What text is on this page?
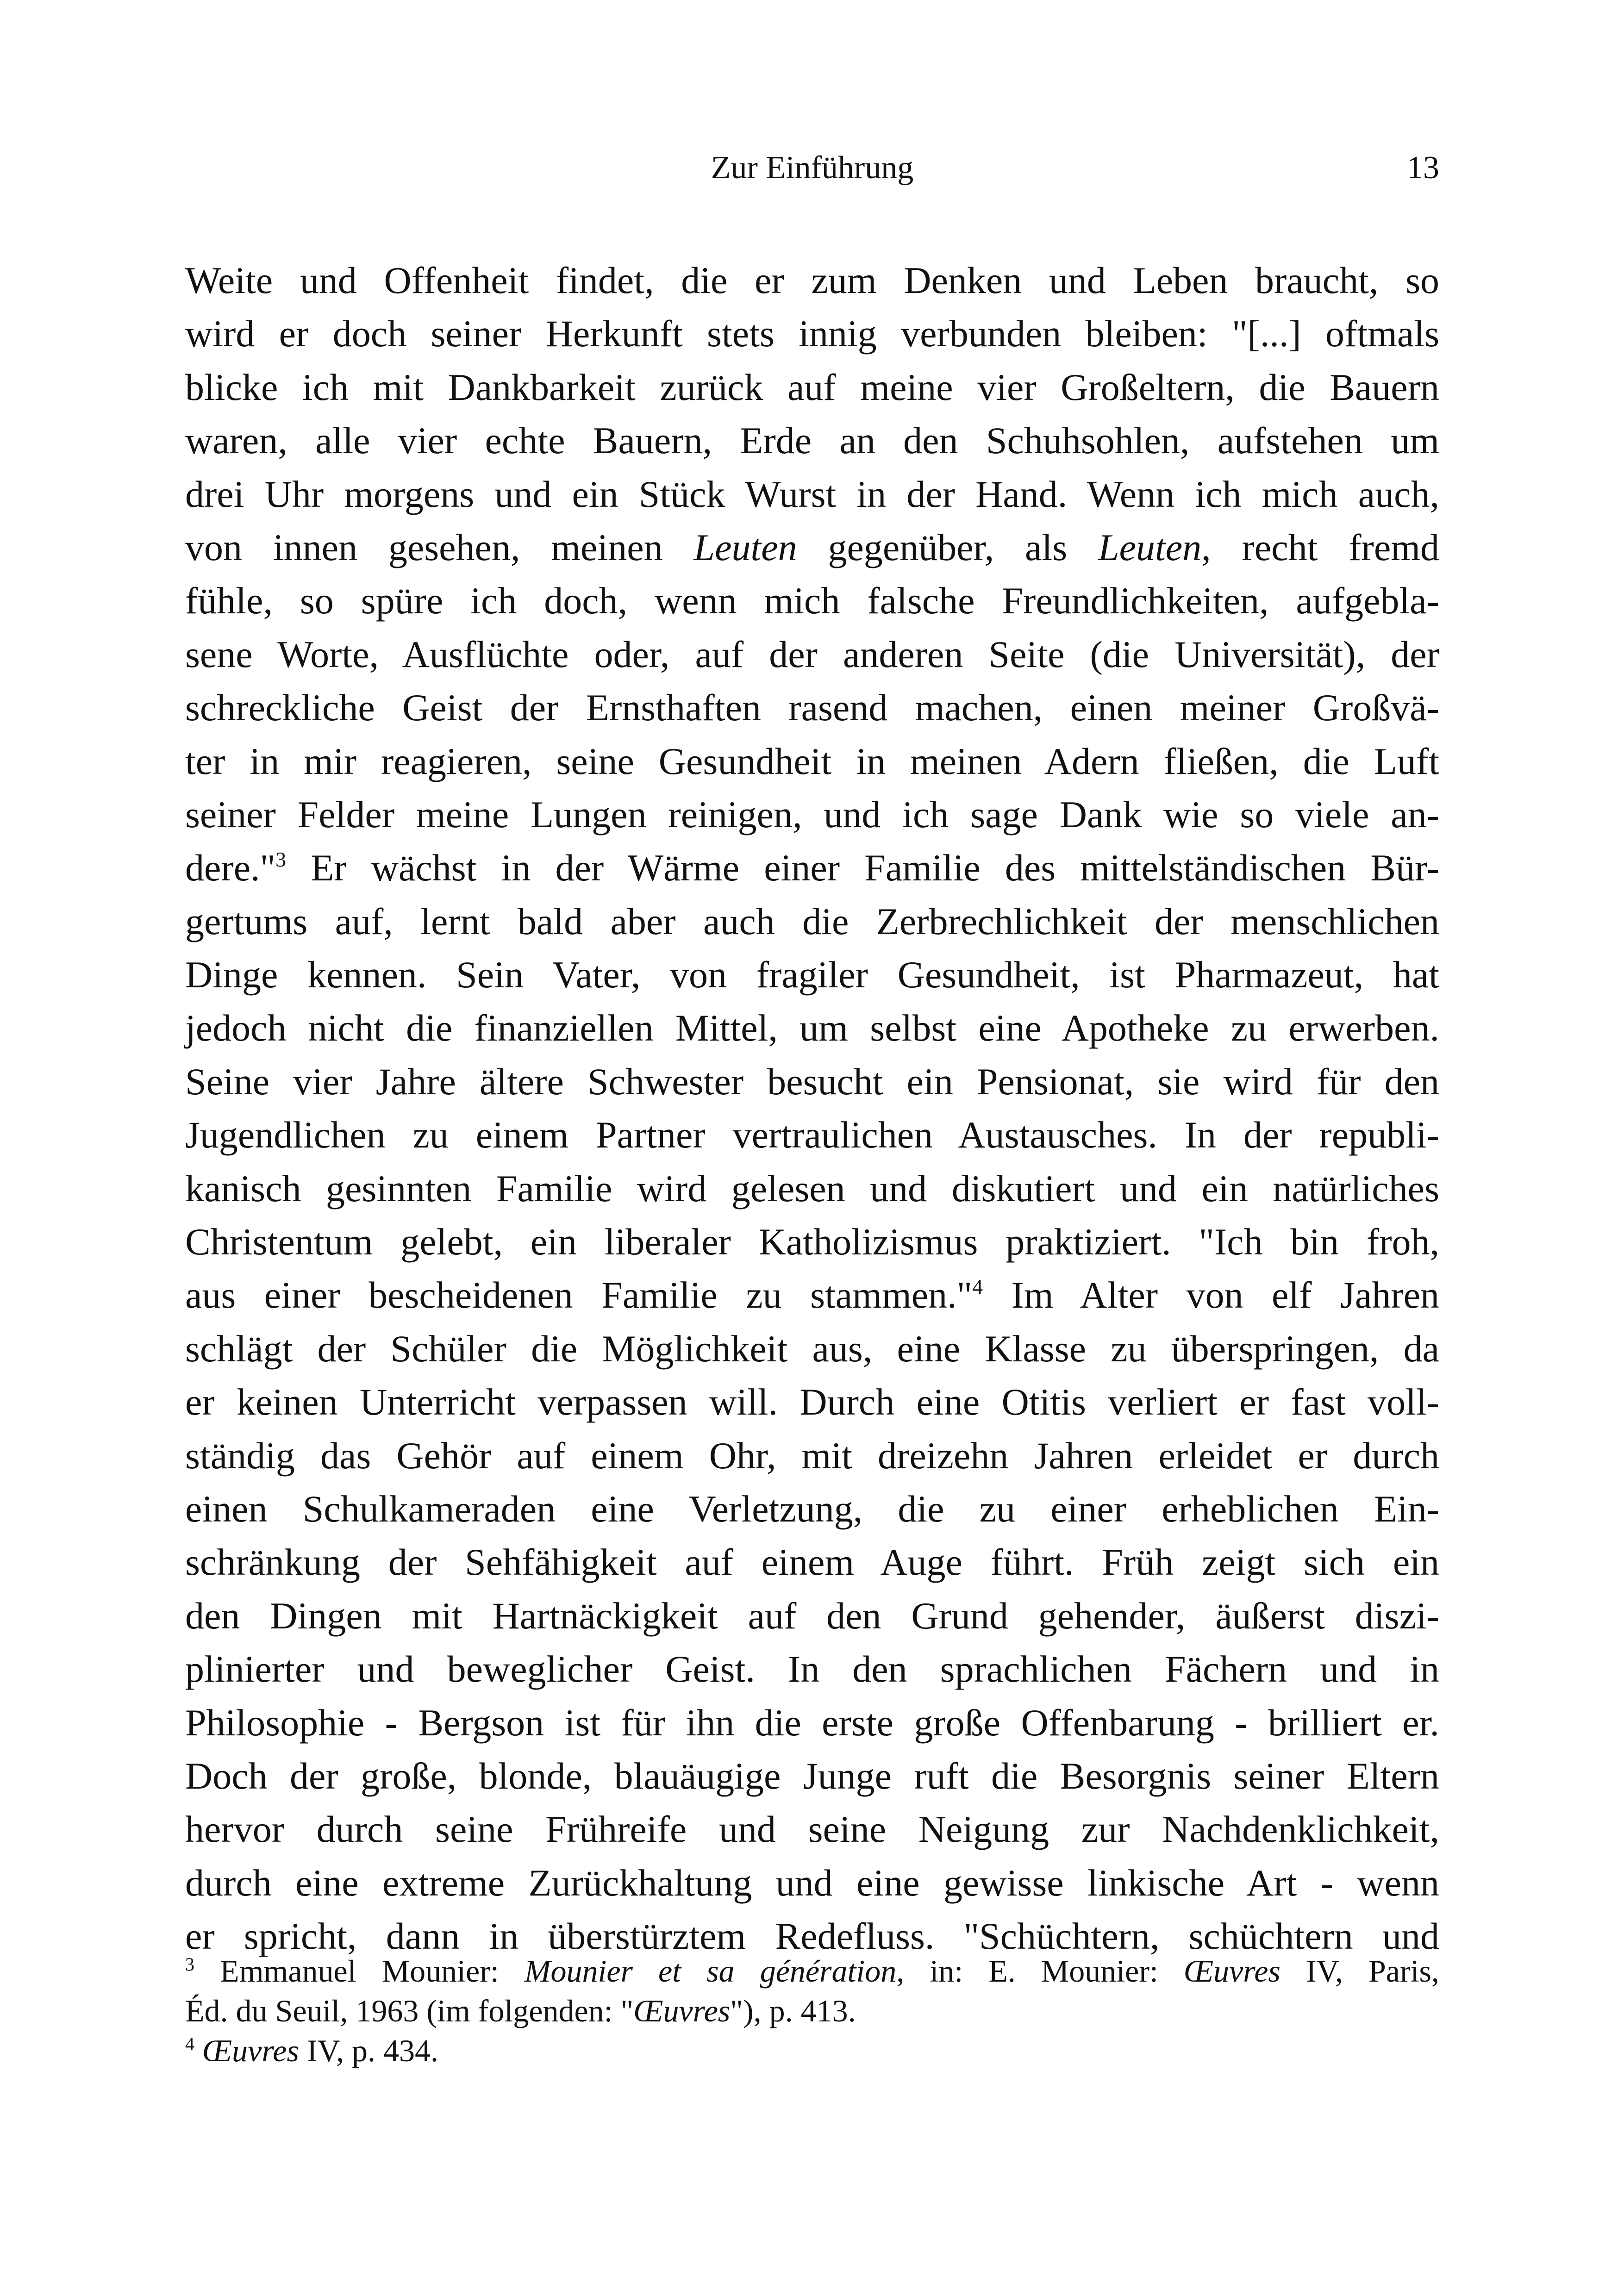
Zur Einführung	13
Weite und Offenheit findet, die er zum Denken und Leben braucht, so
wird er doch seiner Herkunft stets innig verbunden bleiben: "[...] oftmals
blicke ich mit Dankbarkeit zurück auf meine vier Großeltern, die Bauern
waren, alle vier echte Bauern, Erde an den Schuhsohlen, aufstehen um
drei Uhr morgens und ein Stück Wurst in der Hand. Wenn ich mich auch,
von innen gesehen, meinen Leuten gegenüber, als Leuten, recht fremd
fühle, so spüre ich doch, wenn mich falsche Freundlichkeiten, aufgebla-
sene Worte, Ausflüchte oder, auf der anderen Seite (die Universität), der
schreckliche Geist der Ernsthaften rasend machen, einen meiner Großvä-
ter in mir reagieren, seine Gesundheit in meinen Adern fließen, die Luft
seiner Felder meine Lungen reinigen, und ich sage Dank wie so viele an-
dere."$^3$ Er wächst in der Wärme einer Familie des mittelständischen Bür-
gertums auf, lernt bald aber auch die Zerbrechlichkeit der menschlichen
Dinge kennen. Sein Vater, von fragiler Gesundheit, ist Pharmazeut, hat
jedoch nicht die finanziellen Mittel, um selbst eine Apotheke zu erwerben.
Seine vier Jahre ältere Schwester besucht ein Pensionat, sie wird für den
Jugendlichen zu einem Partner vertraulichen Austausches. In der republi-
kanisch gesinnten Familie wird gelesen und diskutiert und ein natürliches
Christentum gelebt, ein liberaler Katholizismus praktiziert. "Ich bin froh,
aus einer bescheidenen Familie zu stammen."$^4$ Im Alter von elf Jahren
schlägt der Schüler die Möglichkeit aus, eine Klasse zu überspringen, da
er keinen Unterricht verpassen will. Durch eine Otitis verliert er fast voll-
ständig das Gehör auf einem Ohr, mit dreizehn Jahren erleidet er durch
einen Schulkameraden eine Verletzung, die zu einer erheblichen Ein-
schränkung der Sehfähigkeit auf einem Auge führt. Früh zeigt sich ein
den Dingen mit Hartnäckigkeit auf den Grund gehender, äußerst diszi-
plinierter und beweglicher Geist. In den sprachlichen Fächern und in
Philosophie - Bergson ist für ihn die erste große Offenbarung - brilliert er.
Doch der große, blonde, blauäugige Junge ruft die Besorgnis seiner Eltern
hervor durch seine Frühreife und seine Neigung zur Nachdenklichkeit,
durch eine extreme Zurückhaltung und eine gewisse linkische Art - wenn
er spricht, dann in überstürztem Redefluss. "Schüchtern, schüchtern und
$^3$ Emmanuel Mounier: Mounier et sa génération, in: E. Mounier: Œuvres IV, Paris,
Éd. du Seuil, 1963 (im folgenden: "Œuvres"), p. 413.
$^4$ Œuvres IV, p. 434.
